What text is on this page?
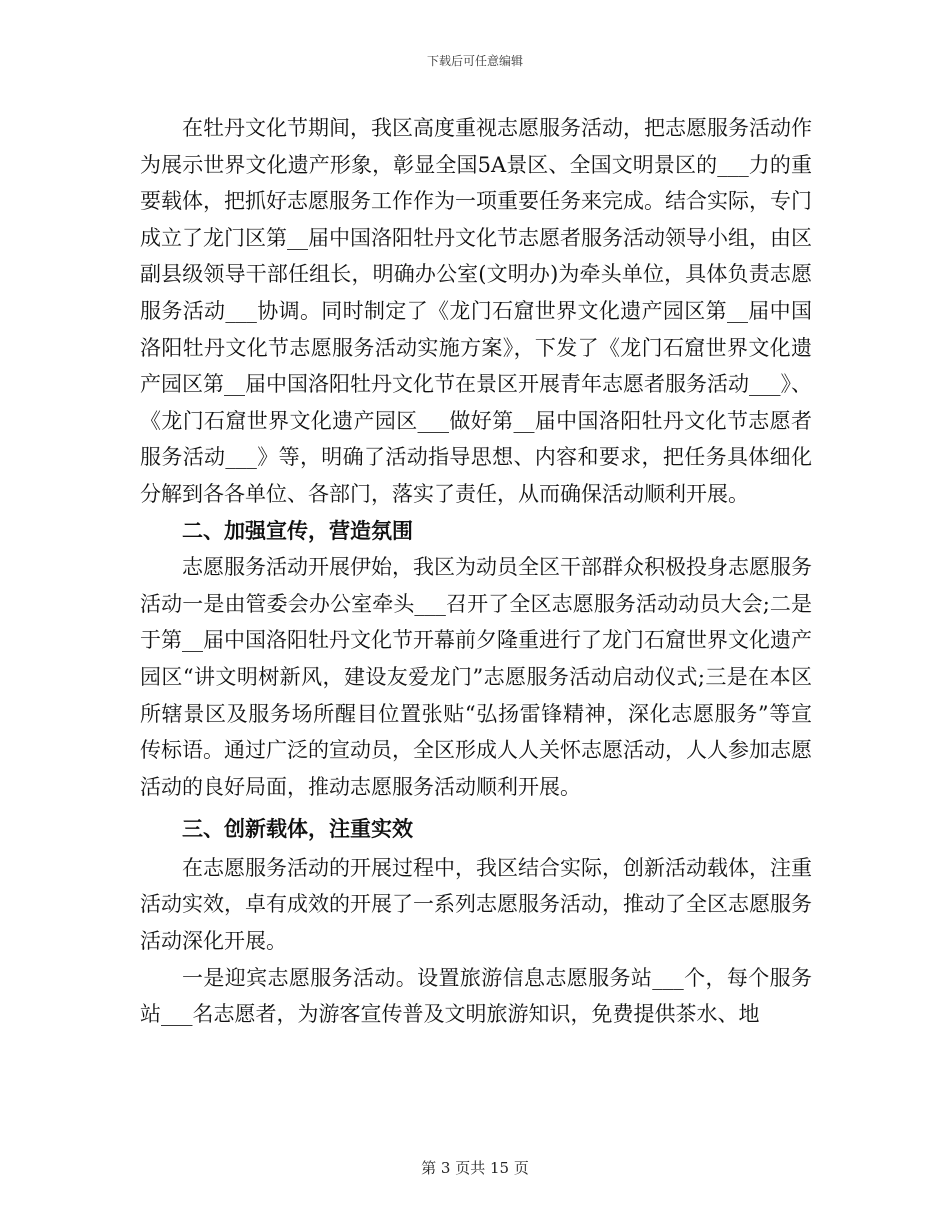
下载后可任意编辑

在牡丹文化节期间，我区高度重视志愿服务活动，把志愿服务活动作为展示世界文化遗产形象，彰显全国5A景区、全国文明景区的___力的重要载体，把抓好志愿服务工作作为一项重要任务来完成。结合实际，专门成立了龙门区第__届中国洛阳牡丹文化节志愿者服务活动领导小组，由区副县级领导干部任组长，明确办公室(文明办)为牵头单位，具体负责志愿服务活动___协调。同时制定了《龙门石窟世界文化遗产园区第__届中国洛阳牡丹文化节志愿服务活动实施方案》，下发了《龙门石窟世界文化遗产园区第__届中国洛阳牡丹文化节在景区开展青年志愿者服务活动___》、《龙门石窟世界文化遗产园区___做好第__届中国洛阳牡丹文化节志愿者服务活动___》等，明确了活动指导思想、内容和要求，把任务具体细化分解到各各单位、各部门，落实了责任，从而确保活动顺利开展。

二、加强宣传，营造氛围

志愿服务活动开展伊始，我区为动员全区干部群众积极投身志愿服务活动一是由管委会办公室牵头___召开了全区志愿服务活动动员大会;二是于第__届中国洛阳牡丹文化节开幕前夕隆重进行了龙门石窟世界文化遗产园区“讲文明树新风，建设友爱龙门”志愿服务活动启动仪式;三是在本区所辖景区及服务场所醒目位置张贴“弘扬雷锋精神，深化志愿服务”等宣传标语。通过广泛的宣动员，全区形成人人关怀志愿活动，人人参加志愿活动的良好局面，推动志愿服务活动顺利开展。

三、创新载体，注重实效

在志愿服务活动的开展过程中，我区结合实际，创新活动载体，注重活动实效，卓有成效的开展了一系列志愿服务活动，推动了全区志愿服务活动深化开展。

一是迎宾志愿服务活动。设置旅游信息志愿服务站___个，每个服务站___名志愿者，为游客宣传普及文明旅游知识，免费提供茶水、地

第 3 页共 15 页
